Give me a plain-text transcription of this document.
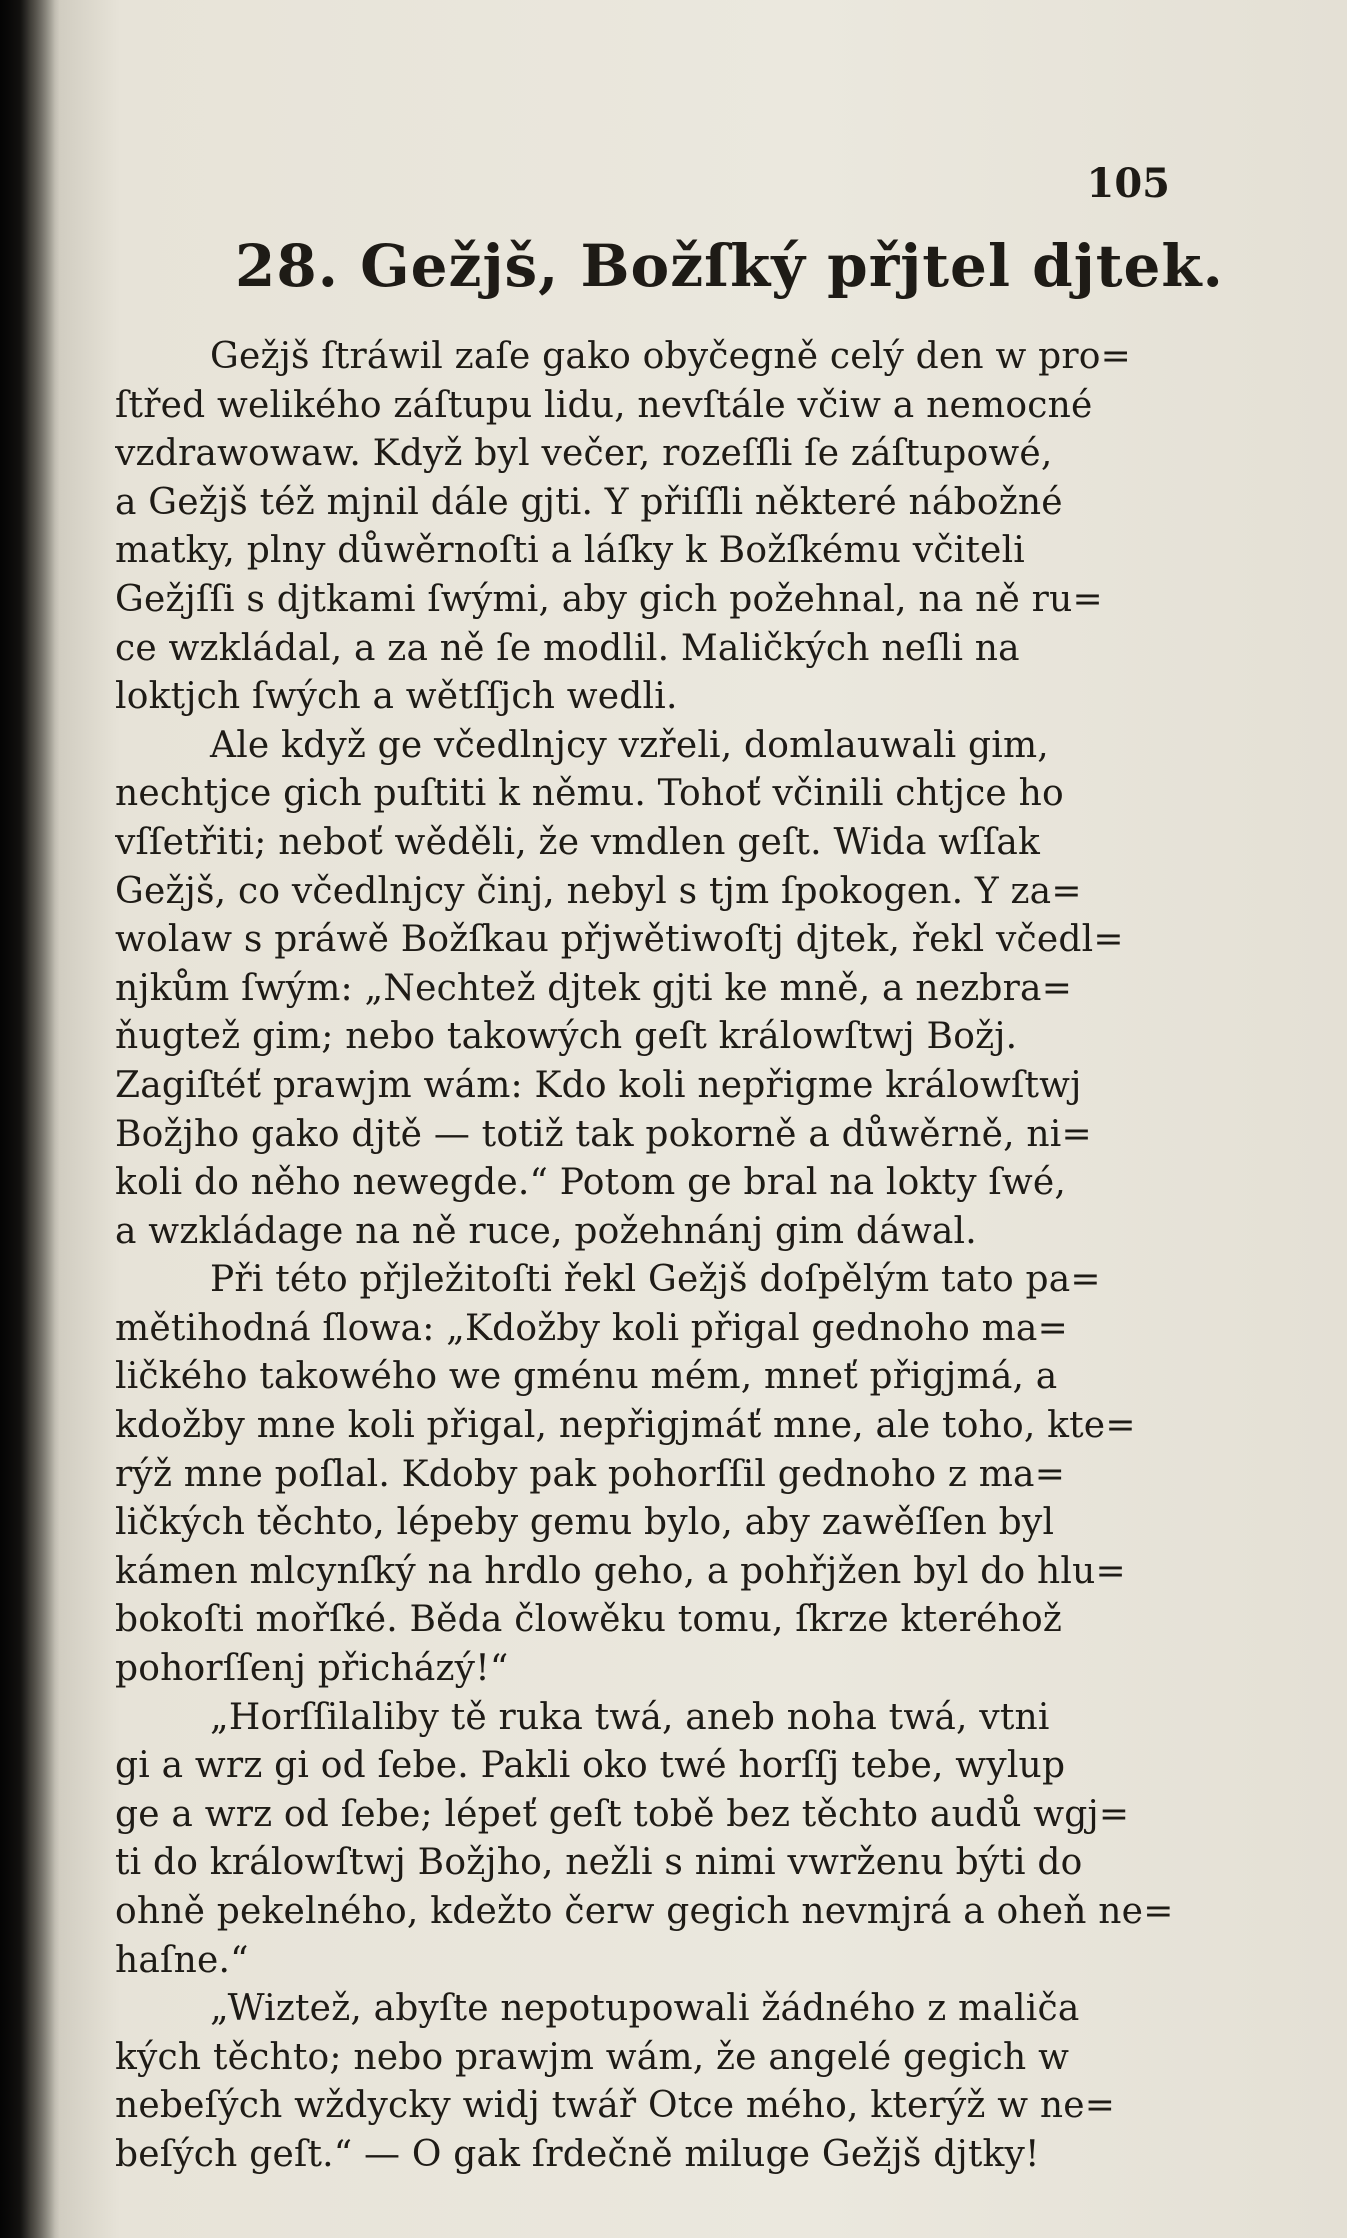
105
28. Gežjš, Božſký přjtel djtek.
Gežjš ſtráwil zaſe gako obyčegně celý den w pro=
ſtřed welikého záſtupu lidu, nevſtále včiw a nemocné
vzdrawowaw. Když byl večer, rozeſſli ſe záſtupowé,
a Gežjš též mjnil dále gjti. Y přiſſli některé nábožné
matky, plny důwěrnoſti a láſky k Božſkému včiteli
Gežjſſi s djtkami ſwými, aby gich požehnal, na ně ru=
ce wzkládal, a za ně ſe modlil. Maličkých neſli na
loktjch ſwých a wětſſjch wedli.
Ale když ge včedlnjcy vzřeli, domlauwali gim,
nechtjce gich puſtiti k němu. Tohoť včinili chtjce ho
vſſetřiti; neboť wěděli, že vmdlen geſt. Wida wſſak
Gežjš, co včedlnjcy činj, nebyl s tjm ſpokogen. Y za=
wolaw s práwě Božſkau přjwětiwoſtj djtek, řekl včedl=
njkům ſwým: „Nechtež djtek gjti ke mně, a nezbra=
ňugtež gim; nebo takowých geſt králowſtwj Božj.
Zagiſtéť prawjm wám: Kdo koli nepřigme králowſtwj
Božjho gako djtě — totiž tak pokorně a důwěrně, ni=
koli do něho newegde.“ Potom ge bral na lokty ſwé,
a wzkládage na ně ruce, požehnánj gim dáwal.
Při této přjležitoſti řekl Gežjš doſpělým tato pa=
mětihodná ſlowa: „Kdožby koli přigal gednoho ma=
ličkého takowého we gménu mém, mneť přigjmá, a
kdožby mne koli přigal, nepřigjmáť mne, ale toho, kte=
rýž mne poſlal. Kdoby pak pohorſſil gednoho z ma=
ličkých těchto, lépeby gemu bylo, aby zawěſſen byl
kámen mlcynſký na hrdlo geho, a pohřjžen byl do hlu=
bokoſti mořſké. Běda člowěku tomu, ſkrze kteréhož
pohorſſenj přicházý!“
„Horſſilaliby tě ruka twá, aneb noha twá, vtni
gi a wrz gi od ſebe. Pakli oko twé horſſj tebe, wylup
ge a wrz od ſebe; lépeť geſt tobě bez těchto audů wgj=
ti do králowſtwj Božjho, nežli s nimi vwrženu býti do
ohně pekelného, kdežto čerw gegich nevmjrá a oheň ne=
haſne.“
„Wiztež, abyſte nepotupowali žádného z maliča
kých těchto; nebo prawjm wám, že angelé gegich w
nebeſých wždycky widj twář Otce mého, kterýž w ne=
beſých geſt.“ — O gak ſrdečně miluge Gežjš djtky!
